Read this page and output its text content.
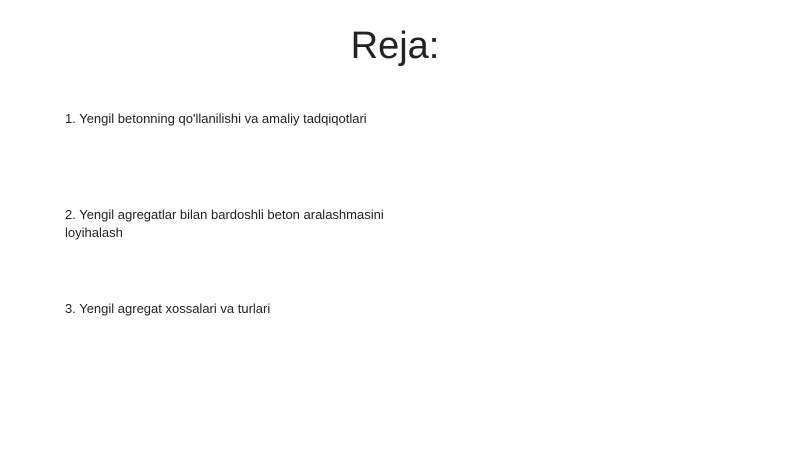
Reja:
1. Yengil betonning qo'llanilishi va amaliy tadqiqotlari
2. Yengil agregatlar bilan bardoshli beton aralashmasini loyihalash
3. Yengil agregat xossalari va turlari
